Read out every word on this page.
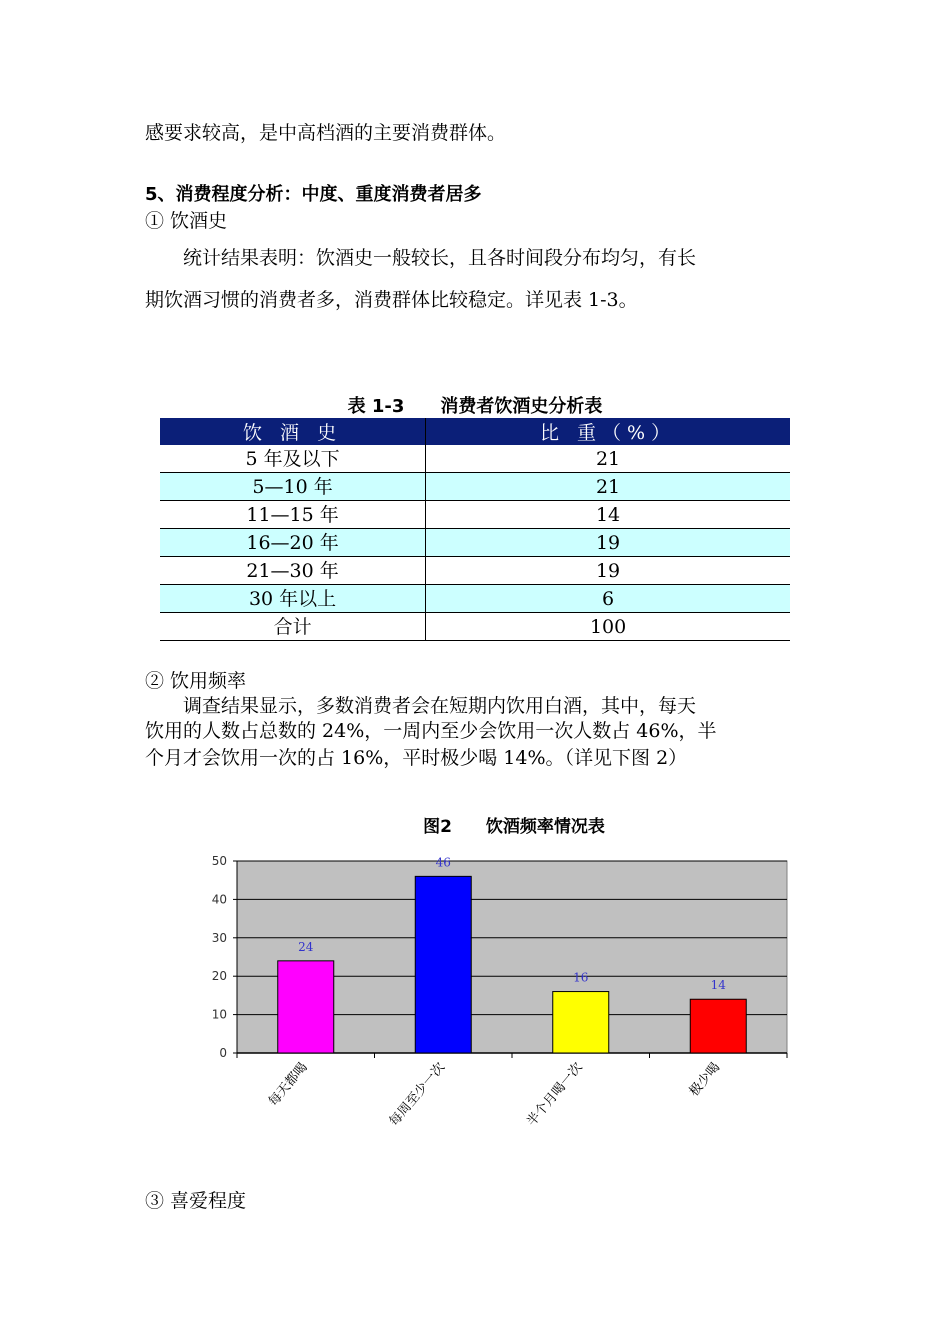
感要求较高，是中高档酒的主要消费群体。
5、消费程度分析：中度、重度消费者居多
① 饮酒史
　　统计结果表明：饮酒史一般较长，且各时间段分布均匀，有长
期饮酒习惯的消费者多，消费群体比较稳定。详见表 1-3。
表 1-3　　消费者饮酒史分析表
饮 酒 史	比 重（%）
5 年及以下	21
5—10 年	21
11—15 年	14
16—20 年	19
21—30 年	19
30 年以上	6
合计	100
② 饮用频率
　　调查结果显示，多数消费者会在短期内饮用白酒，其中，每天
饮用的人数占总数的 24%，一周内至少会饮用一次人数占 46%，半
个月才会饮用一次的占 16%，平时极少喝 14%。（详见下图 2）
图2　　饮酒频率情况表
0
10
20
30
40
50
24
每天都喝
46
每周至少一次
16
半个月喝一次
14
极少喝
③ 喜爱程度
